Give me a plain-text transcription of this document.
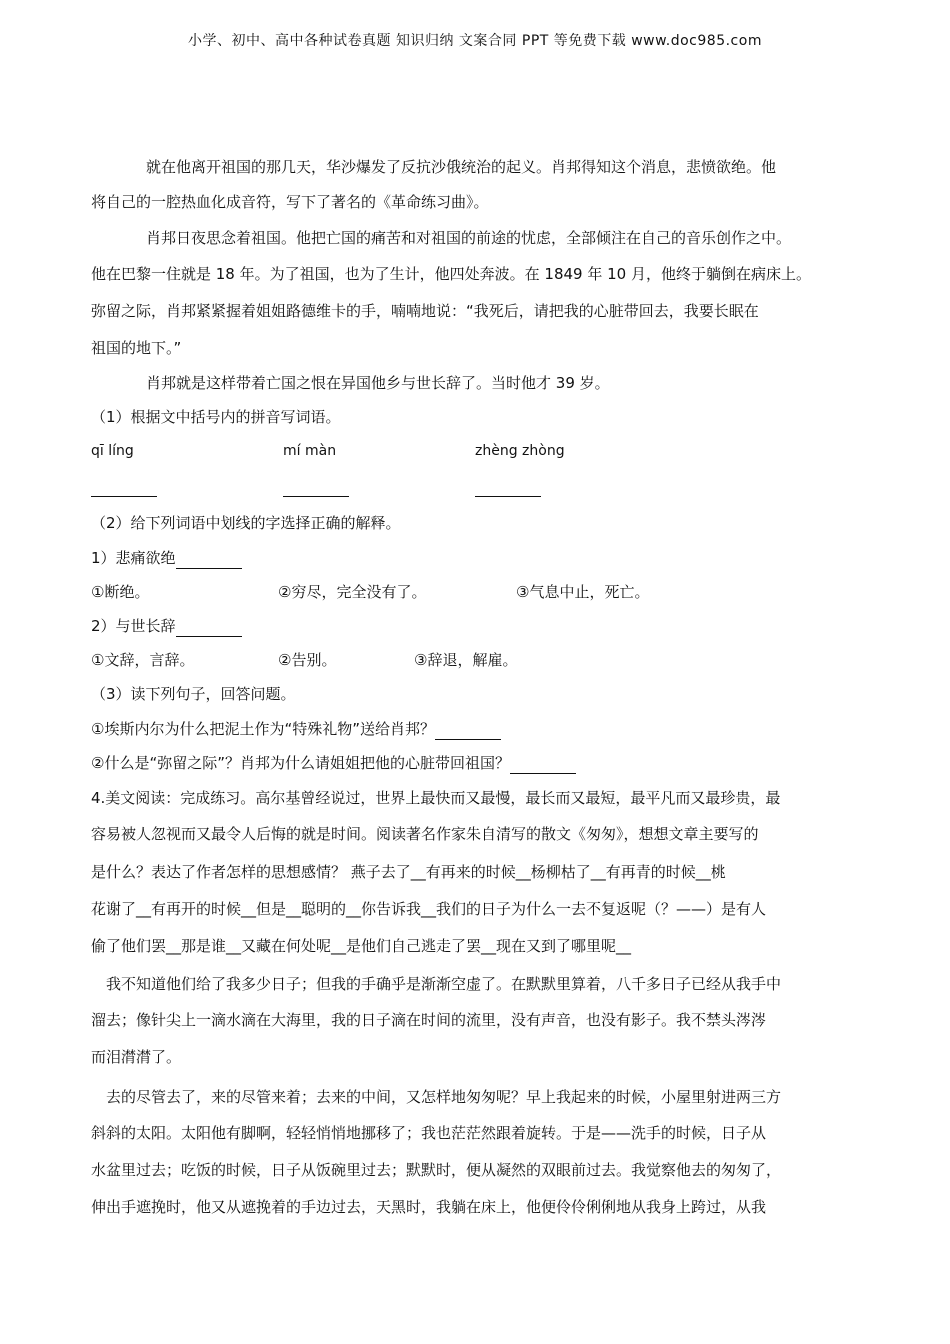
小学、初中、高中各种试卷真题 知识归纳 文案合同 PPT 等免费下载 www.doc985.com
就在他离开祖国的那几天，华沙爆发了反抗沙俄统治的起义。肖邦得知这个消息，悲愤欲绝。他
将自己的一腔热血化成音符，写下了著名的《革命练习曲》。
肖邦日夜思念着祖国。他把亡国的痛苦和对祖国的前途的忧虑，全部倾注在自己的音乐创作之中。
他在巴黎一住就是 18 年。为了祖国，也为了生计，他四处奔波。在 1849 年 10 月，他终于躺倒在病床上。
弥留之际，肖邦紧紧握着姐姐路德维卡的手，喃喃地说：“我死后，请把我的心脏带回去，我要长眠在
祖国的地下。”
肖邦就是这样带着亡国之恨在异国他乡与世长辞了。当时他才 39 岁。
（1）根据文中括号内的拼音写词语。
qī líng	mí màn	zhèng zhòng
（2）给下列词语中划线的字选择正确的解释。
1）悲痛欲绝
①断绝。	②穷尽，完全没有了。	③气息中止，死亡。
2）与世长辞
①文辞，言辞。	②告别。	③辞退，解雇。
（3）读下列句子，回答问题。
①埃斯内尔为什么把泥土作为“特殊礼物”送给肖邦？
②什么是“弥留之际”？肖邦为什么请姐姐把他的心脏带回祖国？
4.美文阅读：完成练习。高尔基曾经说过，世界上最快而又最慢，最长而又最短，最平凡而又最珍贵，最
容易被人忽视而又最令人后悔的就是时间。阅读著名作家朱自清写的散文《匆匆》，想想文章主要写的
是什么？表达了作者怎样的思想感情？ 燕子去了__有再来的时候__杨柳枯了__有再青的时候__桃
花谢了__有再开的时候__但是__聪明的__你告诉我__我们的日子为什么一去不复返呢（？——）是有人
偷了他们罢__那是谁__又藏在何处呢__是他们自己逃走了罢__现在又到了哪里呢__
我不知道他们给了我多少日子；但我的手确乎是渐渐空虚了。在默默里算着，八千多日子已经从我手中
溜去；像针尖上一滴水滴在大海里，我的日子滴在时间的流里，没有声音，也没有影子。我不禁头涔涔
而泪潸潸了。
去的尽管去了，来的尽管来着；去来的中间，又怎样地匆匆呢？早上我起来的时候，小屋里射进两三方
斜斜的太阳。太阳他有脚啊，轻轻悄悄地挪移了；我也茫茫然跟着旋转。于是——洗手的时候，日子从
水盆里过去；吃饭的时候，日子从饭碗里过去；默默时，便从凝然的双眼前过去。我觉察他去的匆匆了，
伸出手遮挽时，他又从遮挽着的手边过去，天黑时，我躺在床上，他便伶伶俐俐地从我身上跨过，从我
